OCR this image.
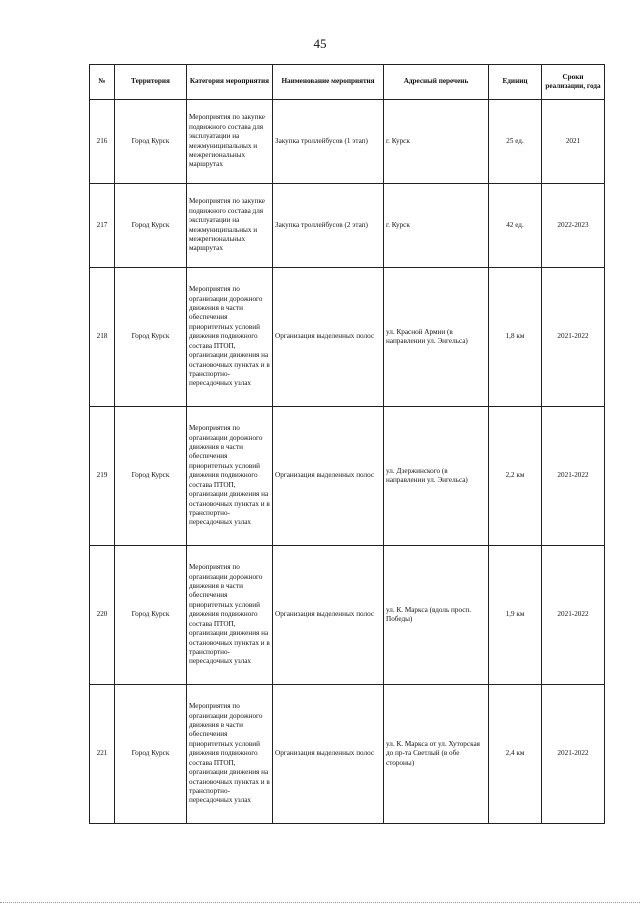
45
№	Территория	Категория мероприятия	Наименование мероприятия	Адресный перечень	Единиц	Сроки реализации, года
216	Город Курск	Мероприятия по закупке подвижного состава для эксплуатации на межмуниципальных и межрегиональных маршрутах	Закупка троллейбусов (1 этап)	г. Курск	25 ед.	2021
217	Город Курск	Мероприятия по закупке подвижного состава для эксплуатации на межмуниципальных и межрегиональных маршрутах	Закупка троллейбусов (2 этап)	г. Курск	42 ед.	2022-2023
218	Город Курск	Мероприятия по организации дорожного движения в части обеспечения приоритетных условий движения подвижного состава ПТОП, организации движения на остановочных пунктах и в транспортно-пересадочных узлах	Организация выделенных полос	ул. Красной Армии (в направлении ул. Энгельса)	1,8 км	2021-2022
219	Город Курск	Мероприятия по организации дорожного движения в части обеспечения приоритетных условий движения подвижного состава ПТОП, организации движения на остановочных пунктах и в транспортно-пересадочных узлах	Организация выделенных полос	ул. Дзержинского (в направлении ул. Энгельса)	2,2 км	2021-2022
220	Город Курск	Мероприятия по организации дорожного движения в части обеспечения приоритетных условий движения подвижного состава ПТОП, организации движения на остановочных пунктах и в транспортно-пересадочных узлах	Организация выделенных полос	ул. К. Маркса (вдоль просп. Победы)	1,9 км	2021-2022
221	Город Курск	Мероприятия по организации дорожного движения в части обеспечения приоритетных условий движения подвижного состава ПТОП, организации движения на остановочных пунктах и в транспортно-пересадочных узлах	Организация выделенных полос	ул. К. Маркса от ул. Хуторская до пр-та Светлый (в обе стороны)	2,4 км	2021-2022
